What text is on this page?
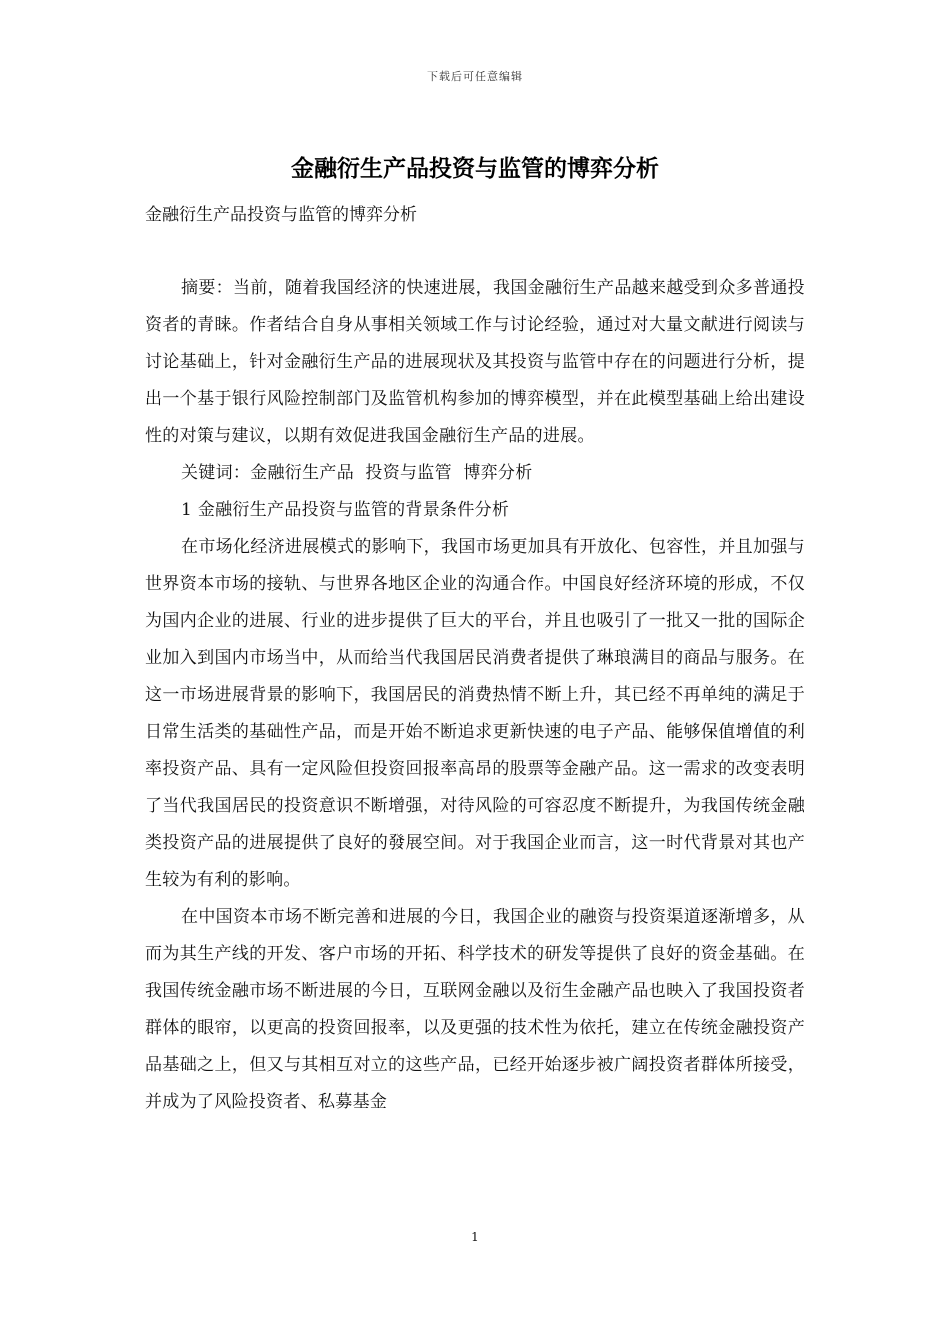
下载后可任意编辑
金融衍生产品投资与监管的博弈分析
金融衍生产品投资与监管的博弈分析

摘要：当前，随着我国经济的快速进展，我国金融衍生产品越来越受到众多普通投资者的青睐。作者结合自身从事相关领域工作与讨论经验，通过对大量文献进行阅读与讨论基础上，针对金融衍生产品的进展现状及其投资与监管中存在的问题进行分析，提出一个基于银行风险控制部门及监管机构参加的博弈模型，并在此模型基础上给出建设性的对策与建议，以期有效促进我国金融衍生产品的进展。

关键词：金融衍生产品  投资与监管  博弈分析

1 金融衍生产品投资与监管的背景条件分析

在市场化经济进展模式的影响下，我国市场更加具有开放化、包容性，并且加强与世界资本市场的接轨、与世界各地区企业的沟通合作。中国良好经济环境的形成，不仅为国内企业的进展、行业的进步提供了巨大的平台，并且也吸引了一批又一批的国际企业加入到国内市场当中，从而给当代我国居民消费者提供了琳琅满目的商品与服务。在这一市场进展背景的影响下，我国居民的消费热情不断上升，其已经不再单纯的满足于日常生活类的基础性产品，而是开始不断追求更新快速的电子产品、能够保值增值的利率投资产品、具有一定风险但投资回报率高昂的股票等金融产品。这一需求的改变表明了当代我国居民的投资意识不断增强，对待风险的可容忍度不断提升，为我国传统金融类投资产品的进展提供了良好的發展空间。对于我国企业而言，这一时代背景对其也产生较为有利的影响。

在中国资本市场不断完善和进展的今日，我国企业的融资与投资渠道逐渐增多，从而为其生产线的开发、客户市场的开拓、科学技术的研发等提供了良好的资金基础。在我国传统金融市场不断进展的今日，互联网金融以及衍生金融产品也映入了我国投资者群体的眼帘，以更高的投资回报率，以及更强的技术性为依托，建立在传统金融投资产品基础之上，但又与其相互对立的这些产品，已经开始逐步被广阔投资者群体所接受，并成为了风险投资者、私募基金

1
